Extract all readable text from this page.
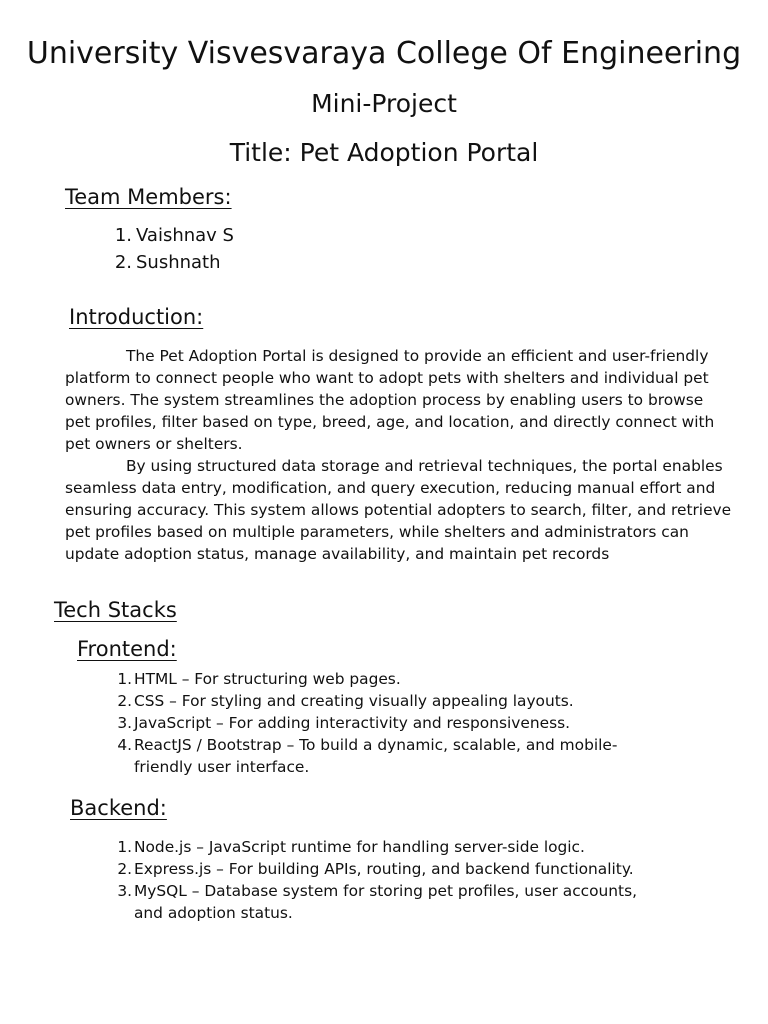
University Visvesvaraya College Of Engineering
Mini-Project
Title: Pet Adoption Portal
Team Members:
1. Vaishnav S
2. Sushnath
Introduction:
The Pet Adoption Portal is designed to provide an efficient and user-friendly
platform to connect people who want to adopt pets with shelters and individual pet
owners. The system streamlines the adoption process by enabling users to browse
pet profiles, filter based on type, breed, age, and location, and directly connect with
pet owners or shelters.
By using structured data storage and retrieval techniques, the portal enables
seamless data entry, modification, and query execution, reducing manual effort and
ensuring accuracy. This system allows potential adopters to search, filter, and retrieve
pet profiles based on multiple parameters, while shelters and administrators can
update adoption status, manage availability, and maintain pet records
Tech Stacks
Frontend:
1. HTML – For structuring web pages.
2. CSS – For styling and creating visually appealing layouts.
3. JavaScript – For adding interactivity and responsiveness.
4. ReactJS / Bootstrap – To build a dynamic, scalable, and mobile-friendly user interface.
Backend:
1. Node.js – JavaScript runtime for handling server-side logic.
2. Express.js – For building APIs, routing, and backend functionality.
3. MySQL – Database system for storing pet profiles, user accounts, and adoption status.
